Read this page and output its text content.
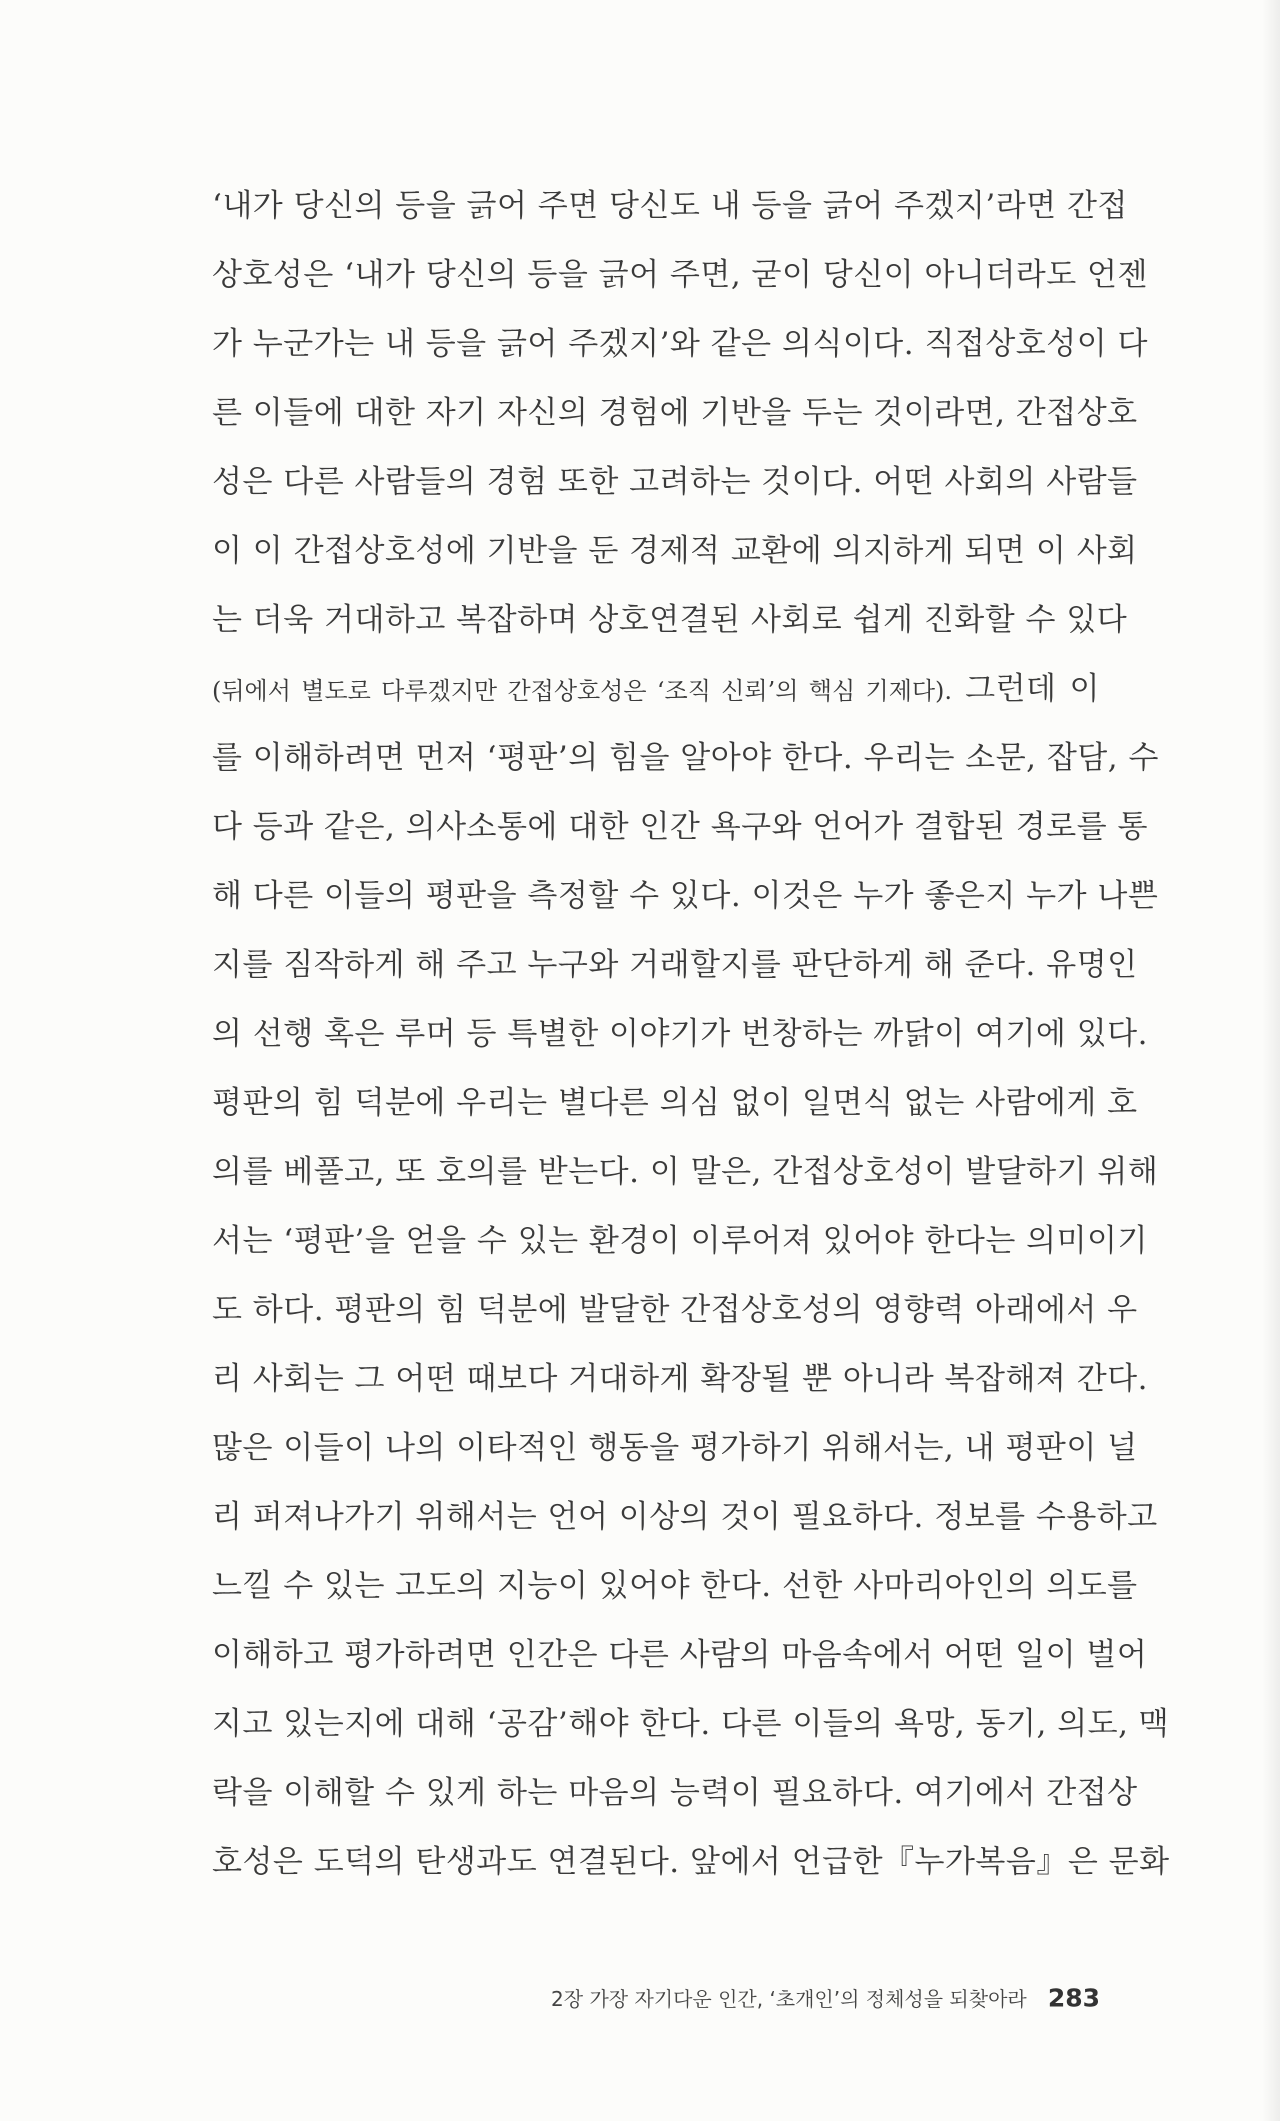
‘내가 당신의 등을 긁어 주면 당신도 내 등을 긁어 주겠지’라면 간접
상호성은 ‘내가 당신의 등을 긁어 주면, 굳이 당신이 아니더라도 언젠
가 누군가는 내 등을 긁어 주겠지’와 같은 의식이다. 직접상호성이 다
른 이들에 대한 자기 자신의 경험에 기반을 두는 것이라면, 간접상호
성은 다른 사람들의 경험 또한 고려하는 것이다. 어떤 사회의 사람들
이 이 간접상호성에 기반을 둔 경제적 교환에 의지하게 되면 이 사회
는 더욱 거대하고 복잡하며 상호연결된 사회로 쉽게 진화할 수 있다
(뒤에서 별도로 다루겠지만 간접상호성은 ‘조직 신뢰’의 핵심 기제다). 그런데 이
를 이해하려면 먼저 ‘평판’의 힘을 알아야 한다. 우리는 소문, 잡담, 수
다 등과 같은, 의사소통에 대한 인간 욕구와 언어가 결합된 경로를 통
해 다른 이들의 평판을 측정할 수 있다. 이것은 누가 좋은지 누가 나쁜
지를 짐작하게 해 주고 누구와 거래할지를 판단하게 해 준다. 유명인
의 선행 혹은 루머 등 특별한 이야기가 번창하는 까닭이 여기에 있다.
평판의 힘 덕분에 우리는 별다른 의심 없이 일면식 없는 사람에게 호
의를 베풀고, 또 호의를 받는다. 이 말은, 간접상호성이 발달하기 위해
서는 ‘평판’을 얻을 수 있는 환경이 이루어져 있어야 한다는 의미이기
도 하다. 평판의 힘 덕분에 발달한 간접상호성의 영향력 아래에서 우
리 사회는 그 어떤 때보다 거대하게 확장될 뿐 아니라 복잡해져 간다.
많은 이들이 나의 이타적인 행동을 평가하기 위해서는, 내 평판이 널
리 퍼져나가기 위해서는 언어 이상의 것이 필요하다. 정보를 수용하고
느낄 수 있는 고도의 지능이 있어야 한다. 선한 사마리아인의 의도를
이해하고 평가하려면 인간은 다른 사람의 마음속에서 어떤 일이 벌어
지고 있는지에 대해 ‘공감’해야 한다. 다른 이들의 욕망, 동기, 의도, 맥
락을 이해할 수 있게 하는 마음의 능력이 필요하다. 여기에서 간접상
호성은 도덕의 탄생과도 연결된다. 앞에서 언급한『누가복음』은 문화
2장 가장 자기다운 인간, ‘초개인’의 정체성을 되찾아라 283
